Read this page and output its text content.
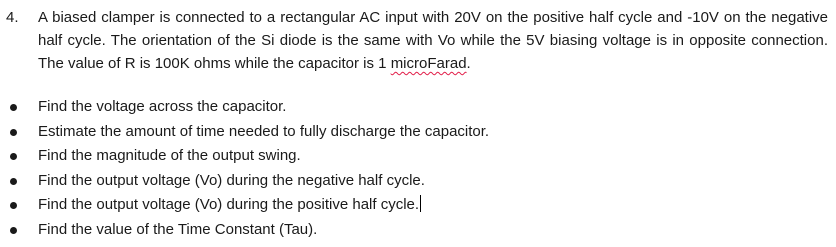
4. A biased clamper is connected to a rectangular AC input with 20V on the positive half cycle and -10V on the negative half cycle. The orientation of the Si diode is the same with Vo while the 5V biasing voltage is in opposite connection. The value of R is 100K ohms while the capacitor is 1 microFarad.
Find the voltage across the capacitor.
Estimate the amount of time needed to fully discharge the capacitor.
Find the magnitude of the output swing.
Find the output voltage (Vo) during the negative half cycle.
Find the output voltage (Vo) during the positive half cycle.
Find the value of the Time Constant (Tau).
